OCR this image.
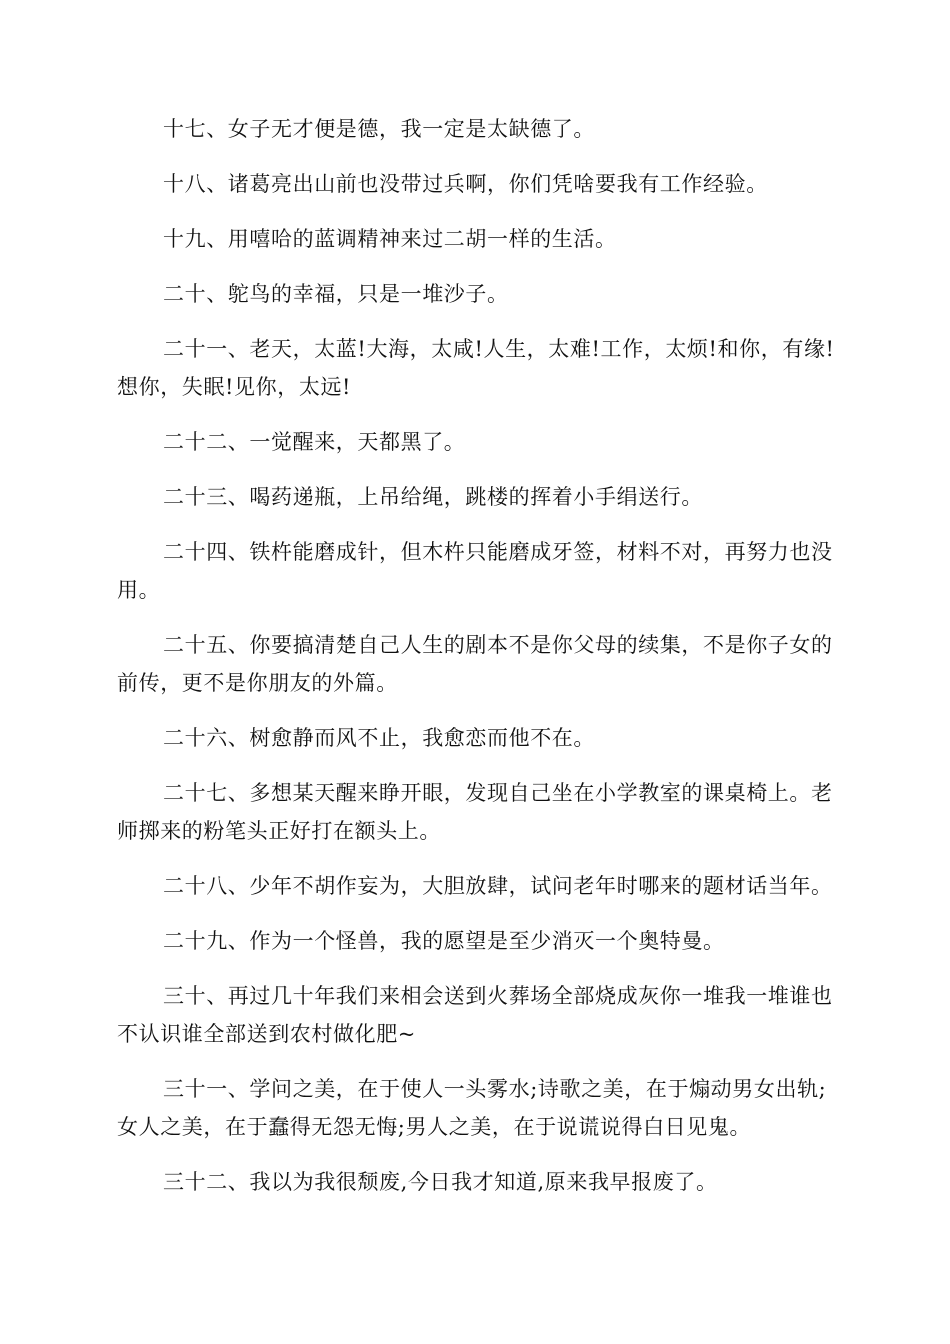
十七、女子无才便是德，我一定是太缺德了。

十八、诸葛亮出山前也没带过兵啊，你们凭啥要我有工作经验。

十九、用嘻哈的蓝调精神来过二胡一样的生活。

二十、鸵鸟的幸福，只是一堆沙子。

二十一、老天，太蓝!大海，太咸!人生，太难!工作，太烦!和你，有缘!想你，失眠!见你，太远!

二十二、一觉醒来，天都黑了。

二十三、喝药递瓶，上吊给绳，跳楼的挥着小手绢送行。

二十四、铁杵能磨成针，但木杵只能磨成牙签，材料不对，再努力也没用。

二十五、你要搞清楚自己人生的剧本不是你父母的续集，不是你子女的前传，更不是你朋友的外篇。

二十六、树愈静而风不止，我愈恋而他不在。

二十七、多想某天醒来睁开眼，发现自己坐在小学教室的课桌椅上。老师掷来的粉笔头正好打在额头上。

二十八、少年不胡作妄为，大胆放肆，试问老年时哪来的题材话当年。

二十九、作为一个怪兽，我的愿望是至少消灭一个奥特曼。

三十、再过几十年我们来相会送到火葬场全部烧成灰你一堆我一堆谁也不认识谁全部送到农村做化肥~

三十一、学问之美，在于使人一头雾水;诗歌之美，在于煽动男女出轨;女人之美，在于蠢得无怨无悔;男人之美，在于说谎说得白日见鬼。

三十二、我以为我很颓废,今日我才知道,原来我早报废了。
